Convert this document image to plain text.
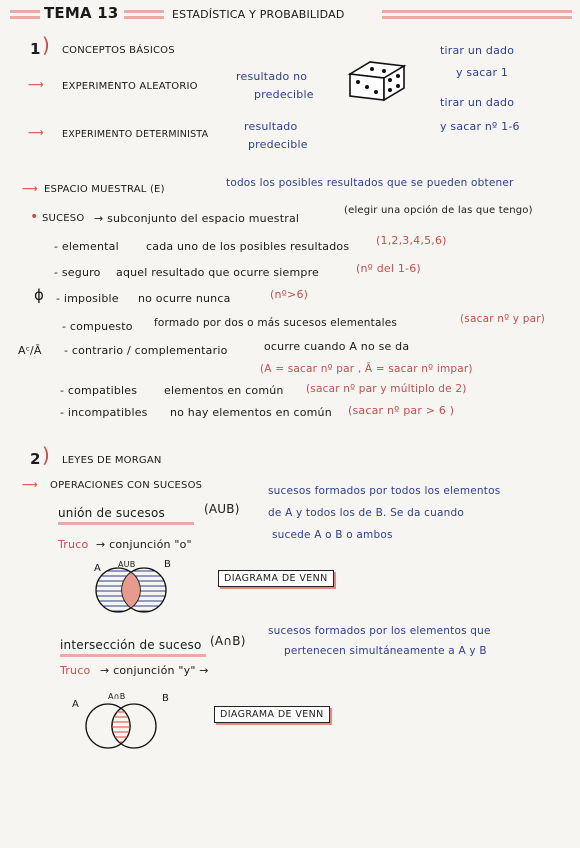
TEMA 13	ESTADÍSTICA Y PROBABILIDAD
1 ) CONCEPTOS BÁSICOS
⟶ EXPERIMENTO ALEATORIO
resultado no
predecible
tirar un dado
y sacar 1
⟶ EXPERIMENTO DETERMINISTA
resultado
predecible
tirar un dado
y sacar nº 1-6
⟶ ESPACIO MUESTRAL (E)
todos los posibles resultados que se pueden obtener
• SUCESO → subconjunto del espacio muestral
(elegir una opción de las que tengo)
- elemental cada uno de los posibles resultados (1,2,3,4,5,6)
- seguro aquel resultado que ocurre siempre	(nº del 1-6)
ϕ - imposible no ocurre nunca	(nº>6)
- compuesto formado por dos o más sucesos elementales	(sacar nº y par)
Aᶜ/Ā - contrario / complementario	ocurre cuando A no se da
(A = sacar nº par , Ā = sacar nº impar)
- compatibles elementos en común (sacar nº par y múltiplo de 2)
- incompatibles no hay elementos en común (sacar nº par > 6 )
2 ) LEYES DE MORGAN
⟶ OPERACIONES CON SUCESOS
unión de sucesos	(AUB)
sucesos formados por todos los elementos
de A y todos los de B. Se da cuando
sucede A o B o ambos
Truco → conjunción "o"
A AUB	B
DIAGRAMA DE VENN
intersección de suceso (A∩B)
sucesos formados por los elementos que
pertenecen simultáneamente a A y B
Truco → conjunción "y" →
A
A∩B	B
DIAGRAMA DE VENN
